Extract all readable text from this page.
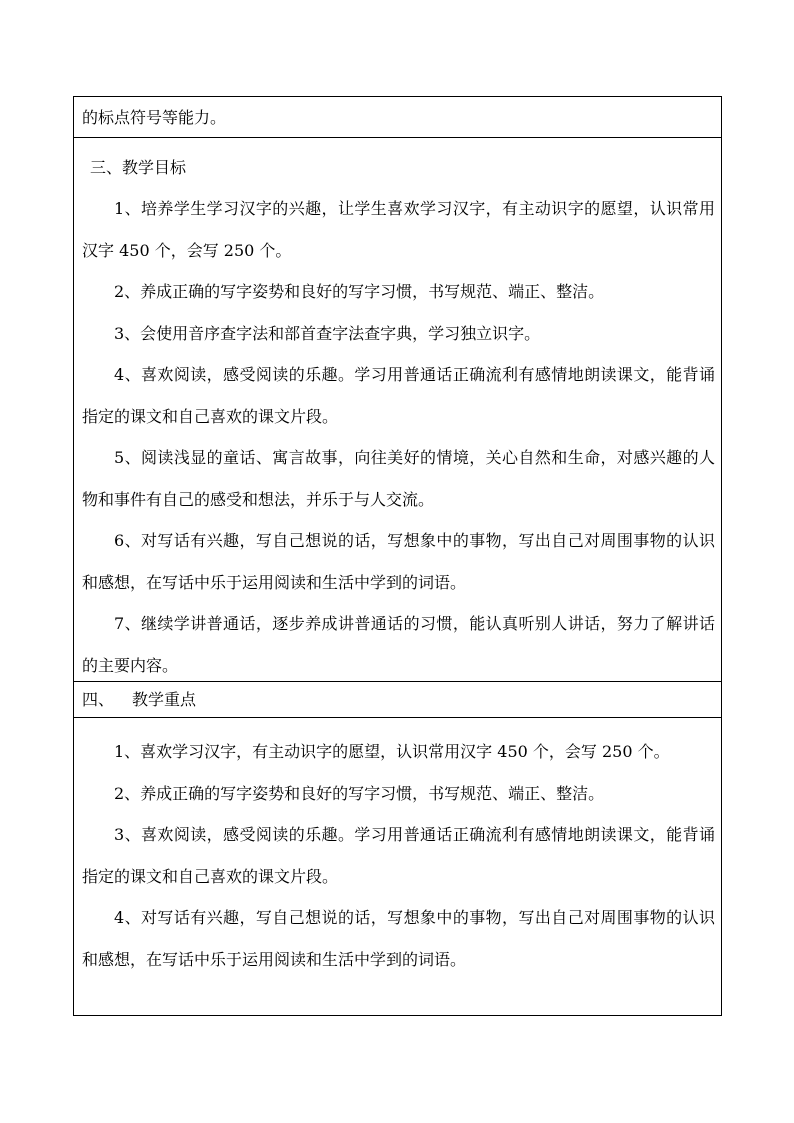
的标点符号等能力。
三、教学目标

1、培养学生学习汉字的兴趣，让学生喜欢学习汉字，有主动识字的愿望，认识常用汉字 450 个，会写 250 个。

2、养成正确的写字姿势和良好的写字习惯，书写规范、端正、整洁。

3、会使用音序查字法和部首查字法查字典，学习独立识字。

4、喜欢阅读，感受阅读的乐趣。学习用普通话正确流利有感情地朗读课文，能背诵指定的课文和自己喜欢的课文片段。

5、阅读浅显的童话、寓言故事，向往美好的情境，关心自然和生命，对感兴趣的人物和事件有自己的感受和想法，并乐于与人交流。

6、对写话有兴趣，写自己想说的话，写想象中的事物，写出自己对周围事物的认识和感想，在写话中乐于运用阅读和生活中学到的词语。

7、继续学讲普通话，逐步养成讲普通话的习惯，能认真听别人讲话，努力了解讲话的主要内容。

四、 教学重点

1、喜欢学习汉字，有主动识字的愿望，认识常用汉字 450 个，会写 250 个。

2、养成正确的写字姿势和良好的写字习惯，书写规范、端正、整洁。

3、喜欢阅读，感受阅读的乐趣。学习用普通话正确流利有感情地朗读课文，能背诵指定的课文和自己喜欢的课文片段。

4、对写话有兴趣，写自己想说的话，写想象中的事物，写出自己对周围事物的认识和感想，在写话中乐于运用阅读和生活中学到的词语。
